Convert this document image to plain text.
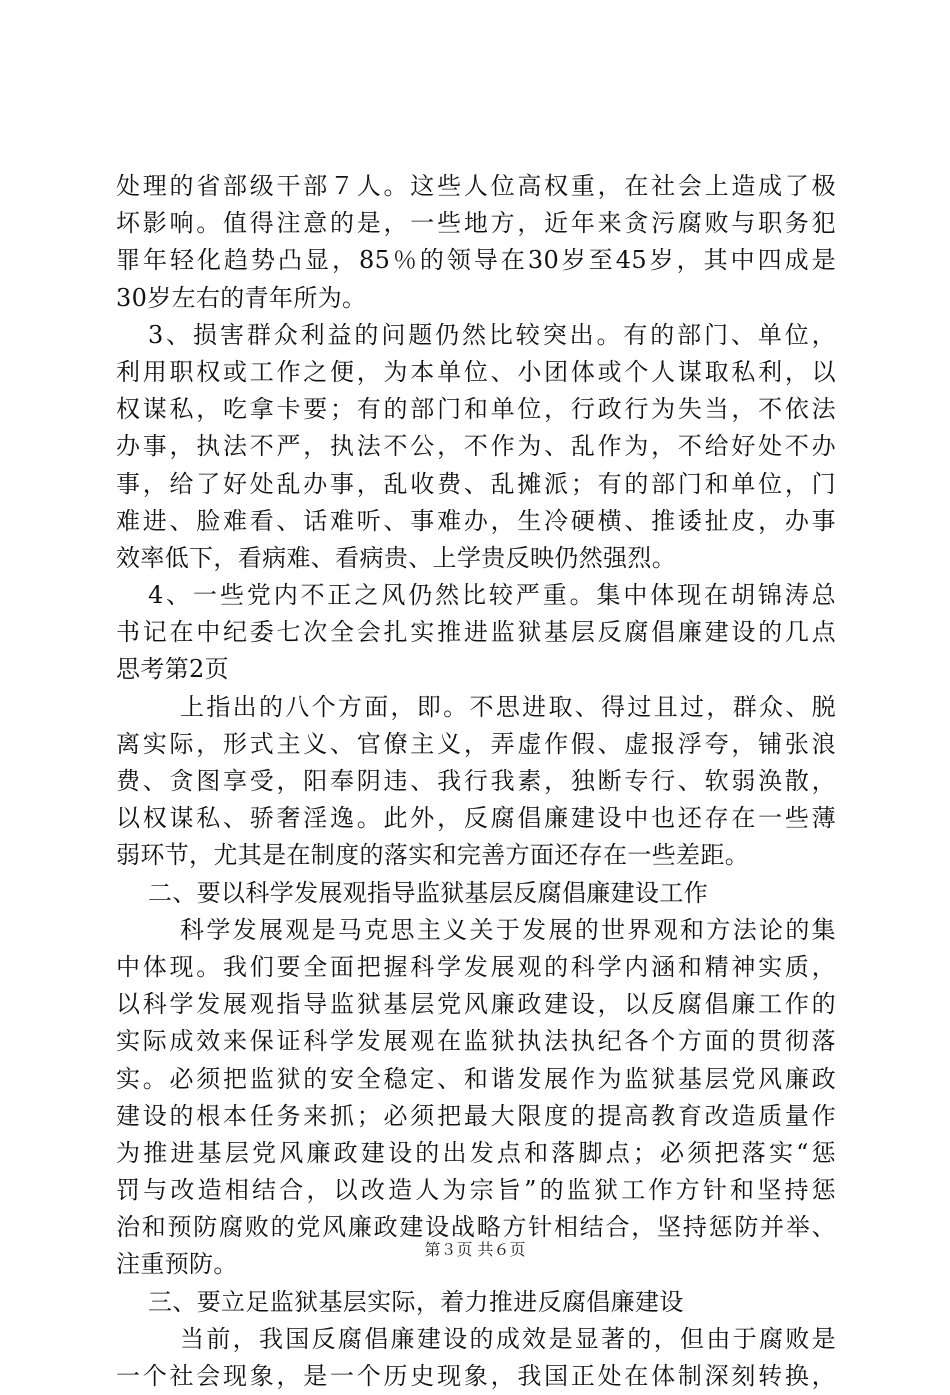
处理的省部级干部７人。这些人位高权重，在社会上造成了极
坏影响。值得注意的是，一些地方，近年来贪污腐败与职务犯
罪年轻化趋势凸显，85％的领导在30岁至45岁，其中四成是
30岁左右的青年所为。
3、损害群众利益的问题仍然比较突出。有的部门、单位，
利用职权或工作之便，为本单位、小团体或个人谋取私利，以
权谋私，吃拿卡要；有的部门和单位，行政行为失当，不依法
办事，执法不严，执法不公，不作为、乱作为，不给好处不办
事，给了好处乱办事，乱收费、乱摊派；有的部门和单位，门
难进、脸难看、话难听、事难办，生冷硬横、推诿扯皮，办事
效率低下，看病难、看病贵、上学贵反映仍然强烈。
4、一些党内不正之风仍然比较严重。集中体现在胡锦涛总
书记在中纪委七次全会扎实推进监狱基层反腐倡廉建设的几点
思考第2页
上指出的八个方面，即。不思进取、得过且过，群众、脱
离实际，形式主义、官僚主义，弄虚作假、虚报浮夸，铺张浪
费、贪图享受，阳奉阴违、我行我素，独断专行、软弱涣散，
以权谋私、骄奢淫逸。此外，反腐倡廉建设中也还存在一些薄
弱环节，尤其是在制度的落实和完善方面还存在一些差距。
二、要以科学发展观指导监狱基层反腐倡廉建设工作
科学发展观是马克思主义关于发展的世界观和方法论的集
中体现。我们要全面把握科学发展观的科学内涵和精神实质，
以科学发展观指导监狱基层党风廉政建设，以反腐倡廉工作的
实际成效来保证科学发展观在监狱执法执纪各个方面的贯彻落
实。必须把监狱的安全稳定、和谐发展作为监狱基层党风廉政
建设的根本任务来抓；必须把最大限度的提高教育改造质量作
为推进基层党风廉政建设的出发点和落脚点；必须把落实“惩
罚与改造相结合，以改造人为宗旨”的监狱工作方针和坚持惩
治和预防腐败的党风廉政建设战略方针相结合，坚持惩防并举、
注重预防。
三、要立足监狱基层实际，着力推进反腐倡廉建设
当前，我国反腐倡廉建设的成效是显著的，但由于腐败是
一个社会现象，是一个历史现象，我国正处在体制深刻转换，
第３页 共６页
